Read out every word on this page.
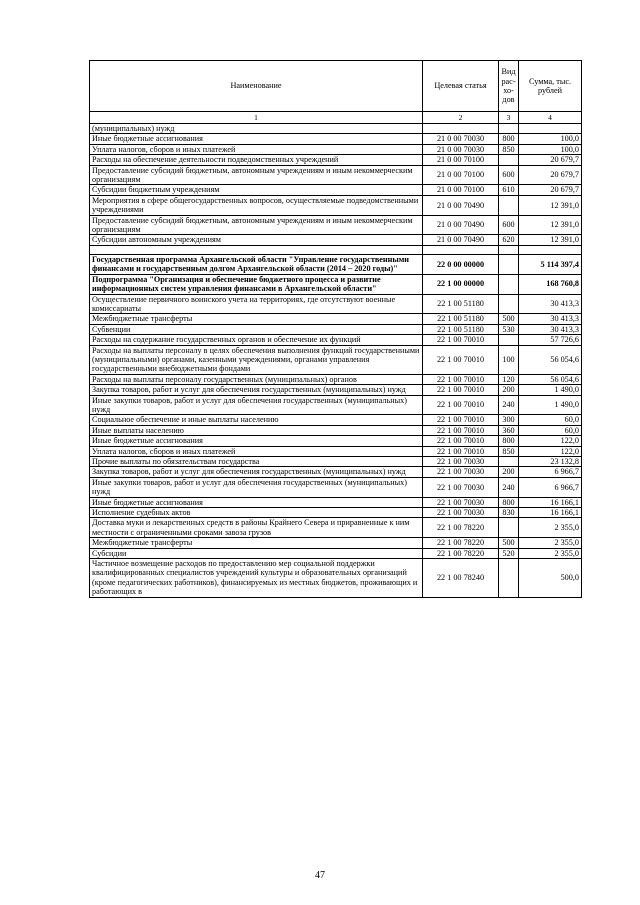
Наименование	Целевая статья	Вид рас- хо- дов	Сумма, тыс. рублей
1	2	3	4
(муниципальных) нужд			
Иные бюджетные ассигнования	21 0 00 70030	800	100,0
Уплата налогов, сборов и иных платежей	21 0 00 70030	850	100,0
Расходы на обеспечение деятельности подведомственных учреждений	21 0 00 70100		20 679,7
Предоставление субсидий бюджетным, автономным учреждениям и иным некоммерческим организациям	21 0 00 70100	600	20 679,7
Субсидии бюджетным учреждениям	21 0 00 70100	610	20 679,7
Мероприятия в сфере общегосударственных вопросов, осуществляемые подведомственными учреждениями	21 0 00 70490		12 391,0
Предоставление субсидий бюджетным, автономным учреждениям и иным некоммерческим организациям	21 0 00 70490	600	12 391,0
Субсидии автономным учреждениям	21 0 00 70490	620	12 391,0

Государственная программа Архангельской области "Управление государственными финансами и государственным долгом Архангельской области (2014 – 2020 годы)"	22 0 00 00000		5 114 397,4
Подпрограмма "Организация и обеспечение бюджетного процесса и развитие информационных систем управления финансами в Архангельской области"	22 1 00 00000		168 760,8
Осуществление первичного воинского учета на территориях, где отсутствуют военные комиссариаты	22 1 00 51180		30 413,3
Межбюджетные трансферты	22 1 00 51180	500	30 413,3
Субвенции	22 1 00 51180	530	30 413,3
Расходы на содержание государственных органов и обеспечение их функций	22 1 00 70010		57 726,6
Расходы на выплаты персоналу в целях обеспечения выполнения функций государственными (муниципальными) органами, казенными учреждениями, органами управления государственными внебюджетными фондами	22 1 00 70010	100	56 054,6
Расходы на выплаты персоналу государственных (муниципальных) органов	22 1 00 70010	120	56 054,6
Закупка товаров, работ и услуг для обеспечения государственных (муниципальных) нужд	22 1 00 70010	200	1 490,0
Иные закупки товаров, работ и услуг для обеспечения государственных (муниципальных) нужд	22 1 00 70010	240	1 490,0
Социальное обеспечение и иные выплаты населению	22 1 00 70010	300	60,0
Иные выплаты населению	22 1 00 70010	360	60,0
Иные бюджетные ассигнования	22 1 00 70010	800	122,0
Уплата налогов, сборов и иных платежей	22 1 00 70010	850	122,0
Прочие выплаты по обязательствам государства	22 1 00 70030		23 132,8
Закупка товаров, работ и услуг для обеспечения государственных (муниципальных) нужд	22 1 00 70030	200	6 966,7
Иные закупки товаров, работ и услуг для обеспечения государственных (муниципальных) нужд	22 1 00 70030	240	6 966,7
Иные бюджетные ассигнования	22 1 00 70030	800	16 166,1
Исполнение судебных актов	22 1 00 70030	830	16 166,1
Доставка муки и лекарственных средств в районы Крайнего Севера и приравненные к ним местности с ограниченными сроками завоза грузов	22 1 00 78220		2 355,0
Межбюджетные трансферты	22 1 00 78220	500	2 355,0
Субсидии	22 1 00 78220	520	2 355,0
Частичное возмещение расходов по предоставлению мер социальной поддержки квалифицированных специалистов учреждений культуры и образовательных организаций (кроме педагогических работников), финансируемых из местных бюджетов, проживающих и работающих в	22 1 00 78240		500,0
47
